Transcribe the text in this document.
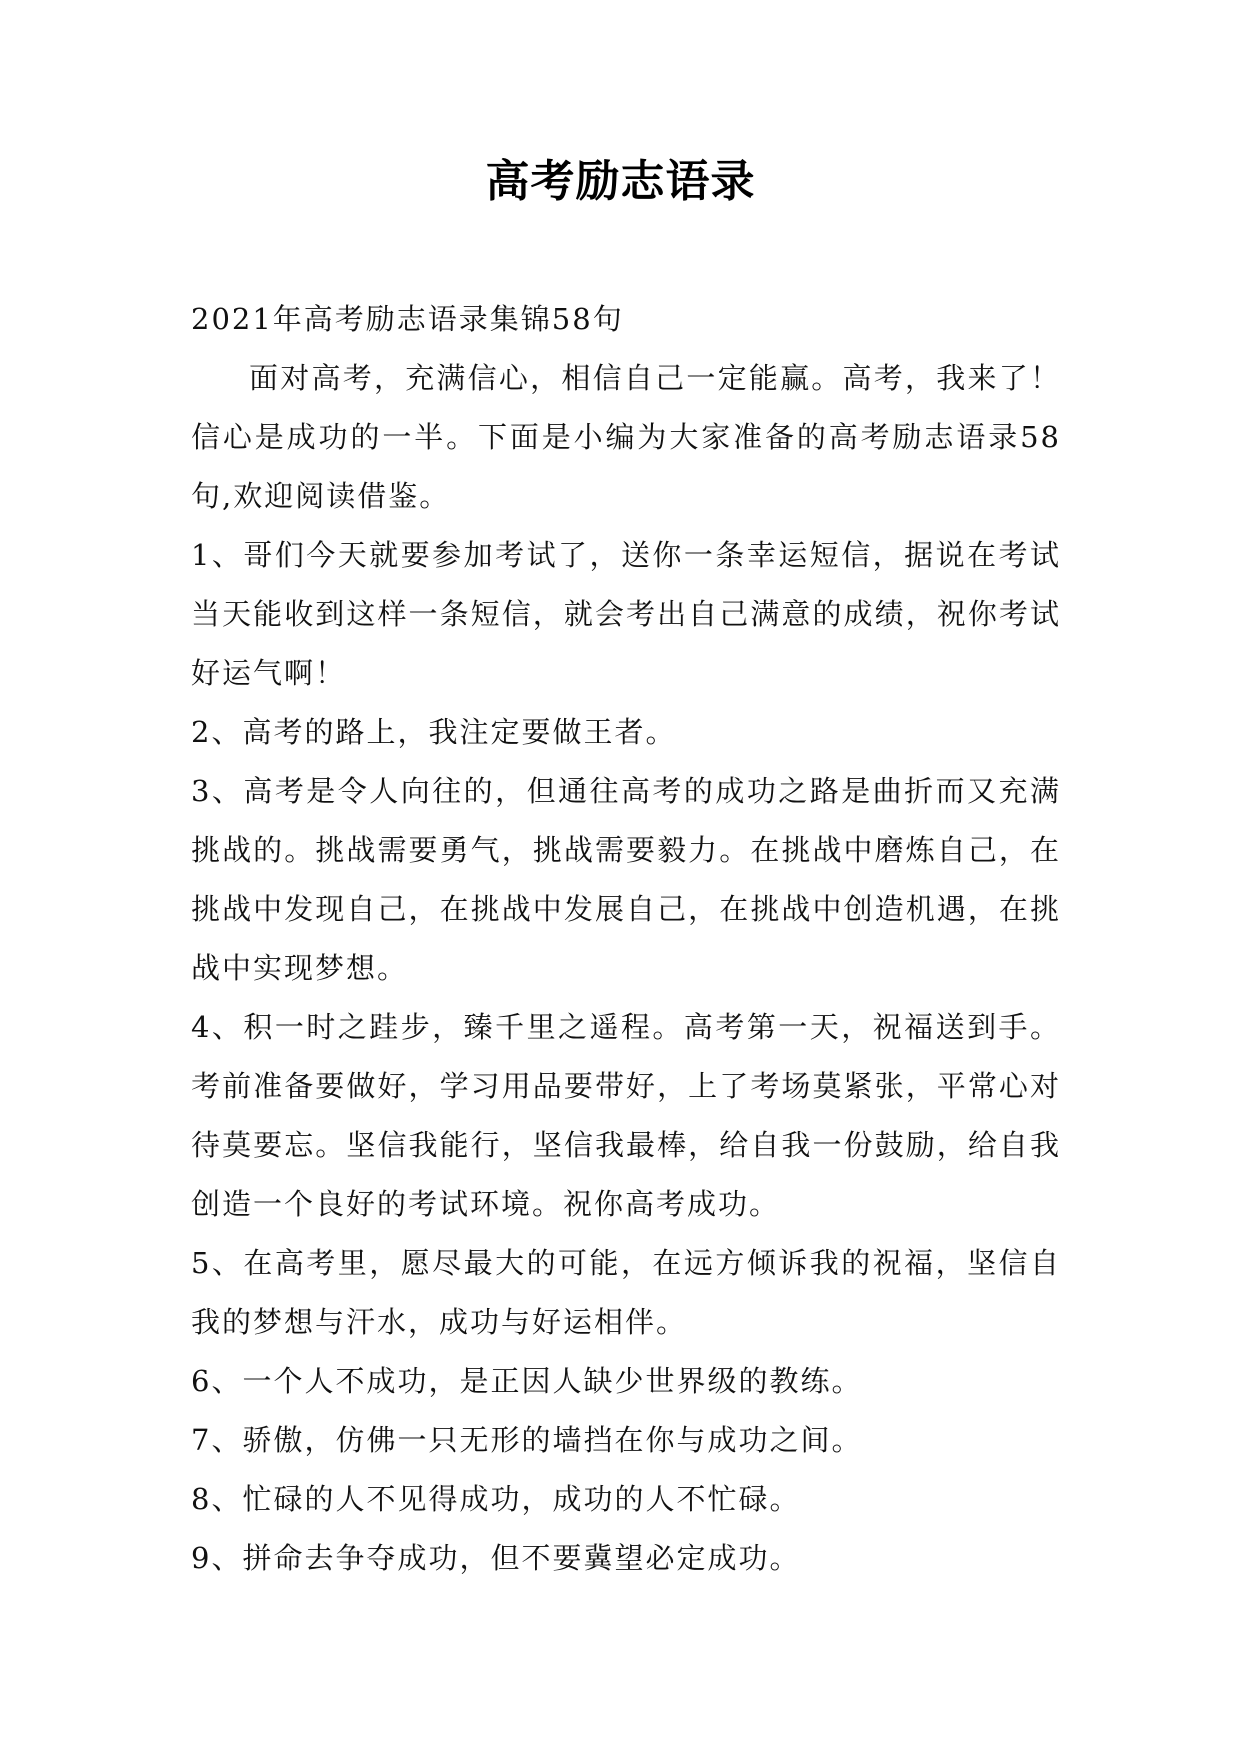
高考励志语录

2021年高考励志语录集锦58句

面对高考，充满信心，相信自己一定能赢。高考，我来了！信心是成功的一半。下面是小编为大家准备的高考励志语录58句,欢迎阅读借鉴。

1、哥们今天就要参加考试了，送你一条幸运短信，据说在考试当天能收到这样一条短信，就会考出自己满意的成绩，祝你考试好运气啊！

2、高考的路上，我注定要做王者。

3、高考是令人向往的，但通往高考的成功之路是曲折而又充满挑战的。挑战需要勇气，挑战需要毅力。在挑战中磨炼自己，在挑战中发现自己，在挑战中发展自己，在挑战中创造机遇，在挑战中实现梦想。

4、积一时之跬步，臻千里之遥程。高考第一天，祝福送到手。考前准备要做好，学习用品要带好，上了考场莫紧张，平常心对待莫要忘。坚信我能行，坚信我最棒，给自我一份鼓励，给自我创造一个良好的考试环境。祝你高考成功。

5、在高考里，愿尽最大的可能，在远方倾诉我的祝福，坚信自我的梦想与汗水，成功与好运相伴。

6、一个人不成功，是正因人缺少世界级的教练。

7、骄傲，仿佛一只无形的墙挡在你与成功之间。

8、忙碌的人不见得成功，成功的人不忙碌。

9、拼命去争夺成功，但不要冀望必定成功。
